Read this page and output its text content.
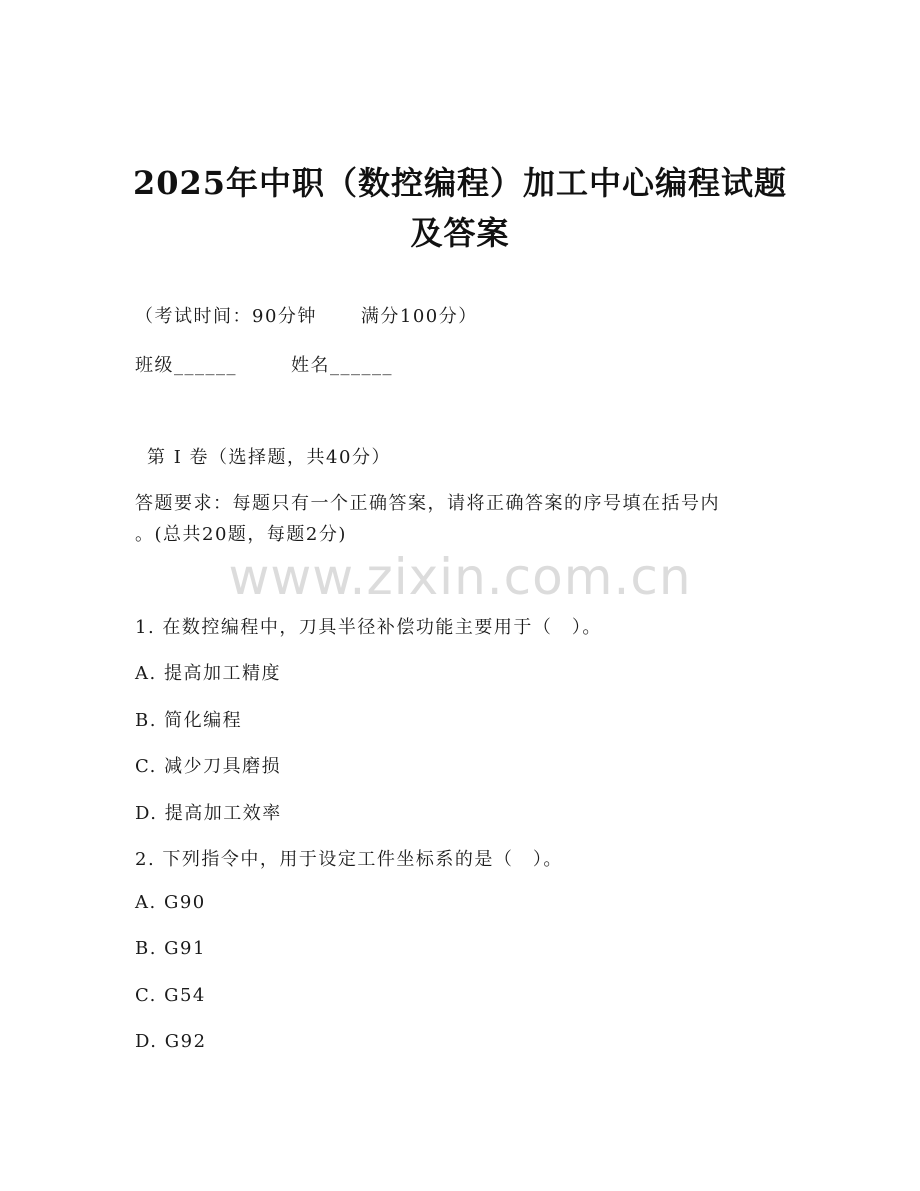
2025年中职（数控编程）加工中心编程试题
及答案
（考试时间：90分钟 满分100分）
班级______	姓名______
第 I 卷（选择题，共40分）
答题要求：每题只有一个正确答案，请将正确答案的序号填在括号内
。(总共20题，每题2分)
www.zixin.com.cn
1. 在数控编程中，刀具半径补偿功能主要用于（　）。
A. 提高加工精度
B. 简化编程
C. 减少刀具磨损
D. 提高加工效率
2. 下列指令中，用于设定工件坐标系的是（　）。
A. G90
B. G91
C. G54
D. G92
